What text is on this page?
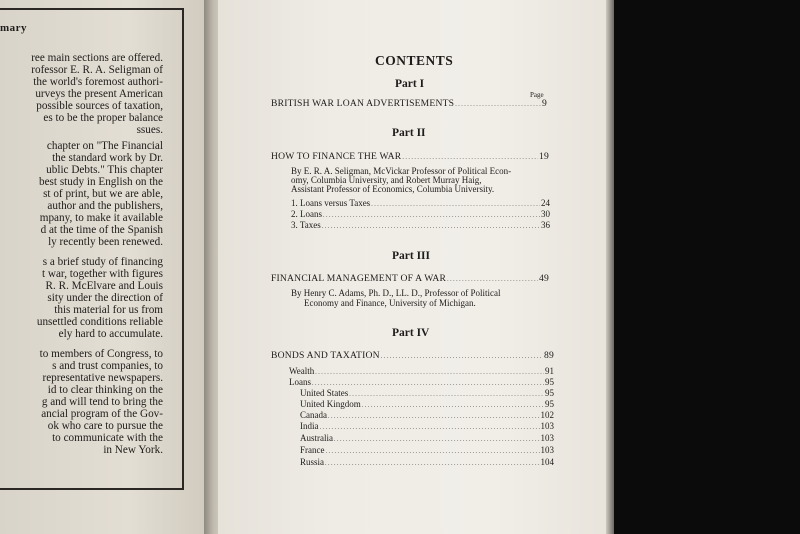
mary
ree main sections are offered.
rofessor E. R. A. Seligman of
the world's foremost authori-
urveys the present American
possible sources of taxation,
es to be the proper balance
ssues.
chapter on "The Financial
the standard work by Dr.
ublic Debts." This chapter
best study in English on the
st of print, but we are able,
author and the publishers,
mpany, to make it available
d at the time of the Spanish
ly recently been renewed.
s a brief study of financing
t war, together with figures
R. R. McElvare and Louis
sity under the direction of
this material for us from
unsettled conditions reliable
ely hard to accumulate.
to members of Congress, to
s and trust companies, to
representative newspapers.
id to clear thinking on the
g and will tend to bring the
ancial program of the Gov-
ok who care to pursue the
to communicate with the
in New York.
CONTENTS
Part I
Page
BRITISH WAR LOAN ADVERTISEMENTS . . .	9
Part II
HOW TO FINANCE THE WAR . . .	19
By E. R. A. Seligman, McVickar Professor of Political Econ-
omy, Columbia University, and Robert Murray Haig,
Assistant Professor of Economics, Columbia University.
1. Loans versus Taxes . . .	24
2. Loans . . .	30
3. Taxes . . .	36
Part III
FINANCIAL MANAGEMENT OF A WAR . . .	49
By Henry C. Adams, Ph. D., LL. D., Professor of Political
Economy and Finance, University of Michigan.
Part IV
BONDS AND TAXATION . . .	89
Wealth . . .	91
Loans . . .	95
United States . . .	95
United Kingdom . . .	95
Canada . . .	102
India . . .	103
Australia . . .	103
France . . .	103
Russia . . .	104
